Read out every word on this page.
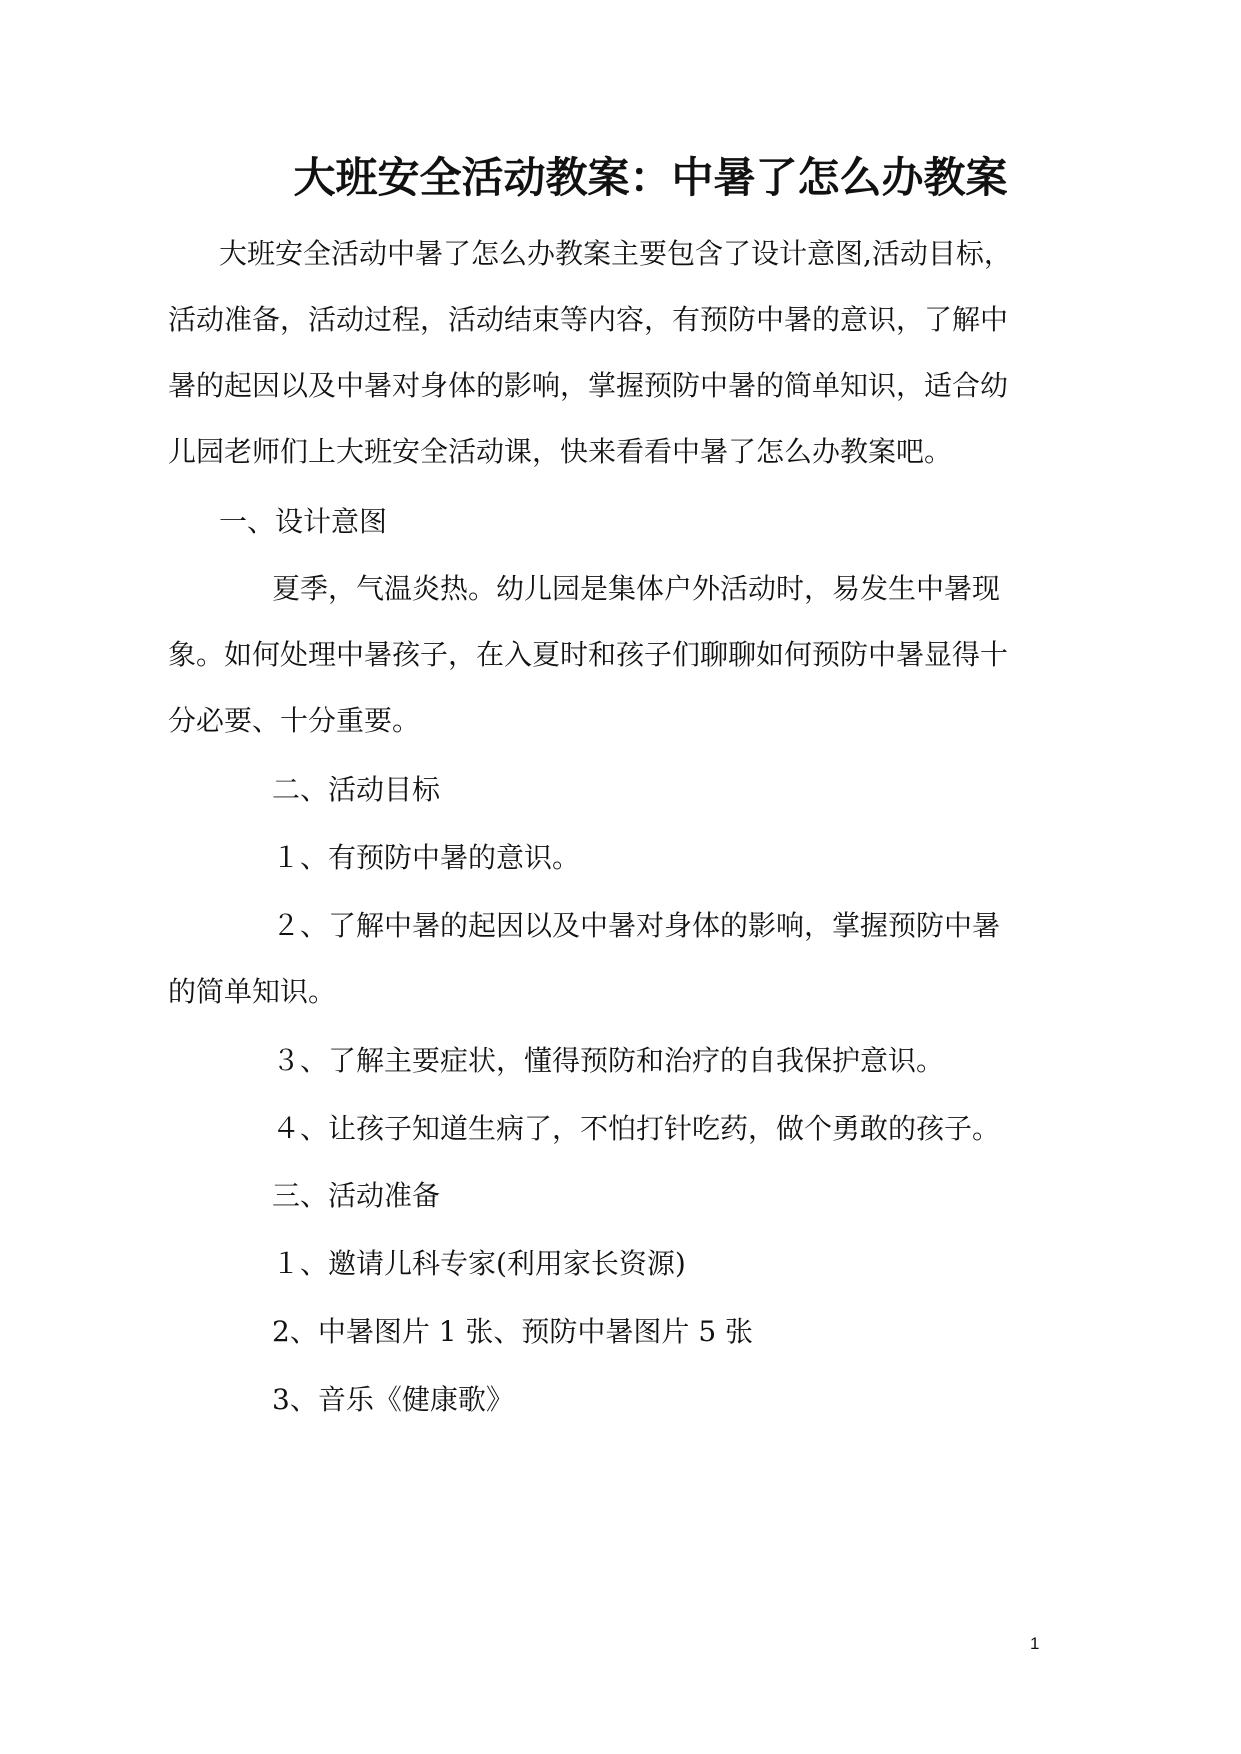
大班安全活动教案：中暑了怎么办教案

大班安全活动中暑了怎么办教案主要包含了设计意图,活动目标，

活动准备，活动过程，活动结束等内容，有预防中暑的意识，了解中

暑的起因以及中暑对身体的影响，掌握预防中暑的简单知识，适合幼

儿园老师们上大班安全活动课，快来看看中暑了怎么办教案吧。

一、设计意图

夏季，气温炎热。幼儿园是集体户外活动时，易发生中暑现

象。如何处理中暑孩子，在入夏时和孩子们聊聊如何预防中暑显得十

分必要、十分重要。

二、活动目标

１、有预防中暑的意识。

２、了解中暑的起因以及中暑对身体的影响，掌握预防中暑

的简单知识。

３、了解主要症状，懂得预防和治疗的自我保护意识。

４、让孩子知道生病了，不怕打针吃药，做个勇敢的孩子。

三、活动准备

１、邀请儿科专家(利用家长资源)

2、中暑图片 1 张、预防中暑图片 5 张

3、音乐《健康歌》

1
